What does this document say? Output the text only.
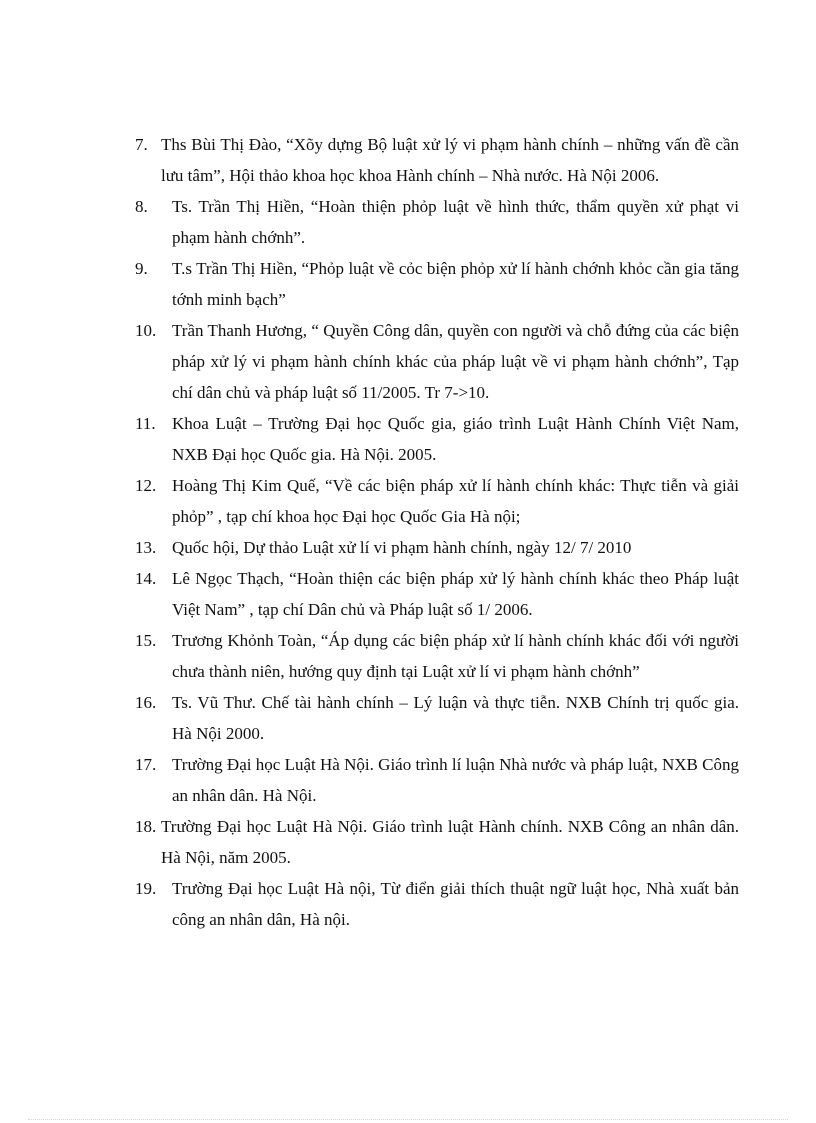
7. Ths Bùi Thị Đào, “Xõy dựng Bộ luật xử lý vi phạm hành chính – những vấn đề cần lưu tâm”, Hội thảo khoa học khoa Hành chính – Nhà nước. Hà Nội 2006.
8.	Ts. Trần Thị Hiền, “Hoàn thiện phỏp luật về hình thức, thẩm quyền xử phạt vi phạm hành chớnh”.
9.	T.s Trần Thị Hiền, “Phỏp luật về cỏc biện phỏp xử lí hành chớnh khỏc cần gia tăng tớnh minh bạch”
10. Trần Thanh Hương, “ Quyền Công dân, quyền con người và chỗ đứng của các biện pháp xử lý vi phạm hành chính khác của pháp luật về vi phạm hành chớnh”, Tạp chí dân chủ và pháp luật số 11/2005. Tr 7->10.
11. Khoa Luật – Trường Đại học Quốc gia, giáo trình Luật Hành Chính Việt Nam, NXB Đại học Quốc gia. Hà Nội. 2005.
12. Hoàng Thị Kim Quế, “Về các biện pháp xử lí hành chính khác: Thực tiễn và giải phỏp” , tạp chí khoa học Đại học Quốc Gia Hà nội;
13. Quốc hội, Dự thảo Luật xử lí vi phạm hành chính, ngày 12/ 7/ 2010
14. Lê Ngọc Thạch, “Hoàn thiện các biện pháp xử lý hành chính khác theo Pháp luật Việt Nam” , tạp chí Dân chủ và Pháp luật số 1/ 2006.
15. Trương Khỏnh Toàn, “Áp dụng các biện pháp xử lí hành chính khác đối với người chưa thành niên, hướng quy định tại Luật xử lí vi phạm hành chớnh”
16. Ts. Vũ Thư. Chế tài hành chính – Lý luận và thực tiễn. NXB Chính trị quốc gia. Hà Nội 2000.
17. Trường Đại học Luật Hà Nội. Giáo trình lí luận Nhà nước và pháp luật, NXB Công an nhân dân. Hà Nội.
18. Trường Đại học Luật Hà Nội. Giáo trình luật Hành chính. NXB Công an nhân dân. Hà Nội, năm 2005.
19. Trường Đại học Luật Hà nội, Từ điển giải thích thuật ngữ luật học, Nhà xuất bản công an nhân dân, Hà nội.
